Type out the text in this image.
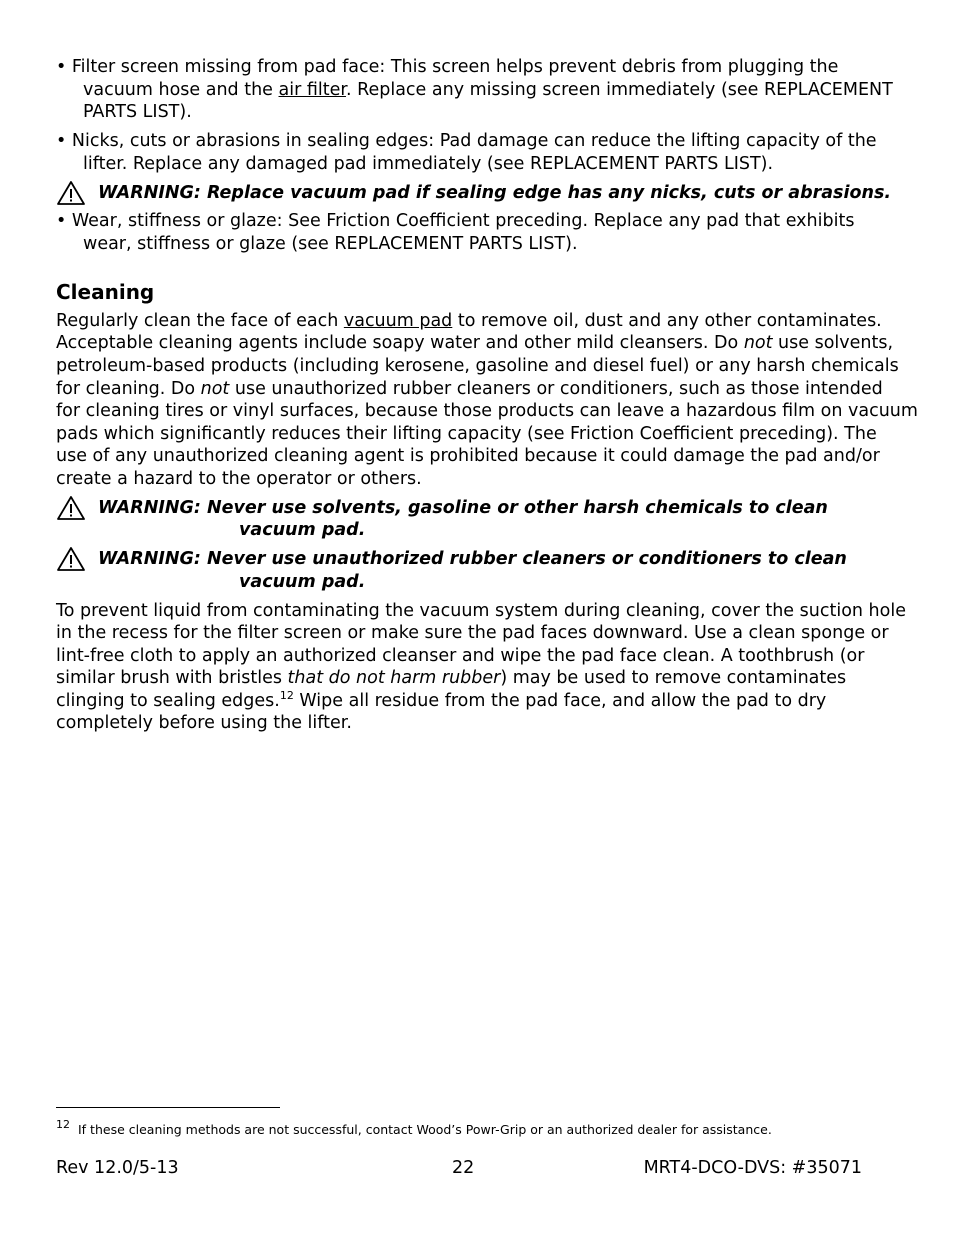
• Filter screen missing from pad face: This screen helps prevent debris from plugging the
vacuum hose and the air filter. Replace any missing screen immediately (see REPLACEMENT
PARTS LIST).
• Nicks, cuts or abrasions in sealing edges: Pad damage can reduce the lifting capacity of the
lifter. Replace any damaged pad immediately (see REPLACEMENT PARTS LIST).
WARNING: Replace vacuum pad if sealing edge has any nicks, cuts or abrasions.
• Wear, stiffness or glaze: See Friction Coefficient preceding. Replace any pad that exhibits
wear, stiffness or glaze (see REPLACEMENT PARTS LIST).
Cleaning
Regularly clean the face of each vacuum pad to remove oil, dust and any other contaminates.
Acceptable cleaning agents include soapy water and other mild cleansers. Do not use solvents,
petroleum-based products (including kerosene, gasoline and diesel fuel) or any harsh chemicals
for cleaning. Do not use unauthorized rubber cleaners or conditioners, such as those intended
for cleaning tires or vinyl surfaces, because those products can leave a hazardous film on vacuum
pads which significantly reduces their lifting capacity (see Friction Coefficient preceding). The
use of any unauthorized cleaning agent is prohibited because it could damage the pad and/or
create a hazard to the operator or others.
WARNING: Never use solvents, gasoline or other harsh chemicals to clean
vacuum pad.
WARNING: Never use unauthorized rubber cleaners or conditioners to clean
vacuum pad.
To prevent liquid from contaminating the vacuum system during cleaning, cover the suction hole
in the recess for the filter screen or make sure the pad faces downward. Use a clean sponge or
lint-free cloth to apply an authorized cleanser and wipe the pad face clean. A toothbrush (or
similar brush with bristles that do not harm rubber) may be used to remove contaminates
clinging to sealing edges.$^{12}$ Wipe all residue from the pad face, and allow the pad to dry
completely before using the lifter.
$^{12}$ If these cleaning methods are not successful, contact Wood’s Powr-Grip or an authorized dealer for assistance.
Rev 12.0/5-13	22	MRT4-DCO-DVS: #35071
